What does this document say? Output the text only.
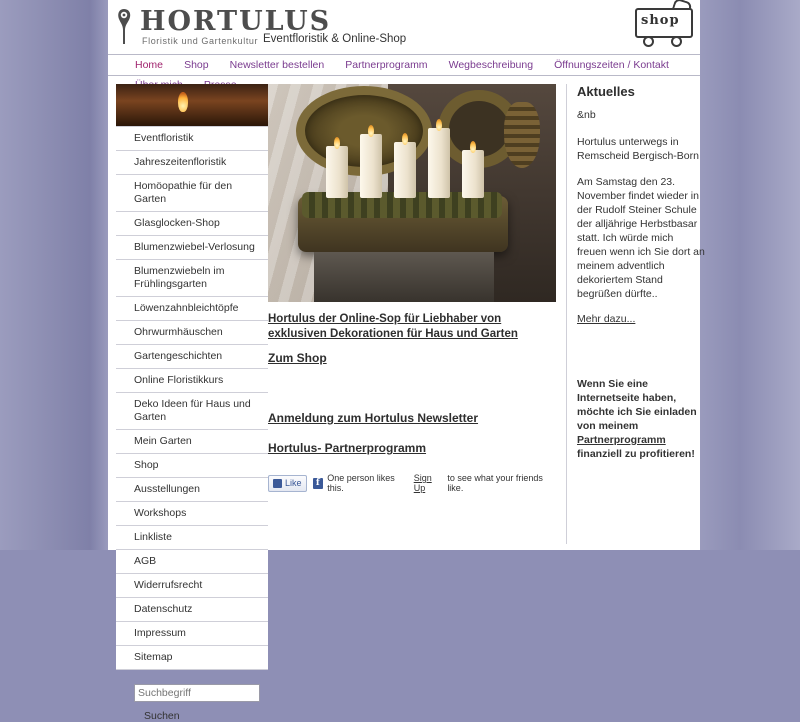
HORTULUS
Floristik und Gartenkultur Eventfloristik & Online-Shop
shop
Home Shop Newsletter bestellen Partnerprogramm Wegbeschreibung Öffnungszeiten / Kontakt
Eventfloristik
Jahreszeitenfloristik
Homöopathie für den Garten
Glasglocken-Shop
Blumenzwiebel-Verlosung
Blumenzwiebeln im Frühlingsgarten
Löwenzahnbleichtöpfe
Ohrwurmhäuschen
Gartengeschichten
Online Floristikkurs
Deko Ideen für Haus und Garten
Mein Garten
Shop
Ausstellungen
Workshops
Linkliste
AGB
Widerrufsrecht
Datenschutz
Impressum
Sitemap
Suchbegriff Suchen
Hortulus der Online-Sop für Liebhaber von exklusiven Dekorationen für Haus und Garten
Zum Shop
Anmeldung zum Hortulus Newsletter
Hortulus- Partnerprogramm
Like	f One person likes this.

Sign Up

to see what your friends like.
Aktuelles
&nb
Hortulus unterwegs in Remscheid Bergisch-Born
Am Samstag den 23. November findet wieder in der Rudolf Steiner Schule der alljährige Herbstbasar statt. Ich würde mich freuen wenn ich Sie dort an meinem adventlich dekoriertem Stand begrüßen dürfte..
Mehr dazu...
Wenn Sie eine Internetseite haben, möchte ich Sie einladen von meinem Partnerprogramm finanziell zu profitieren!
